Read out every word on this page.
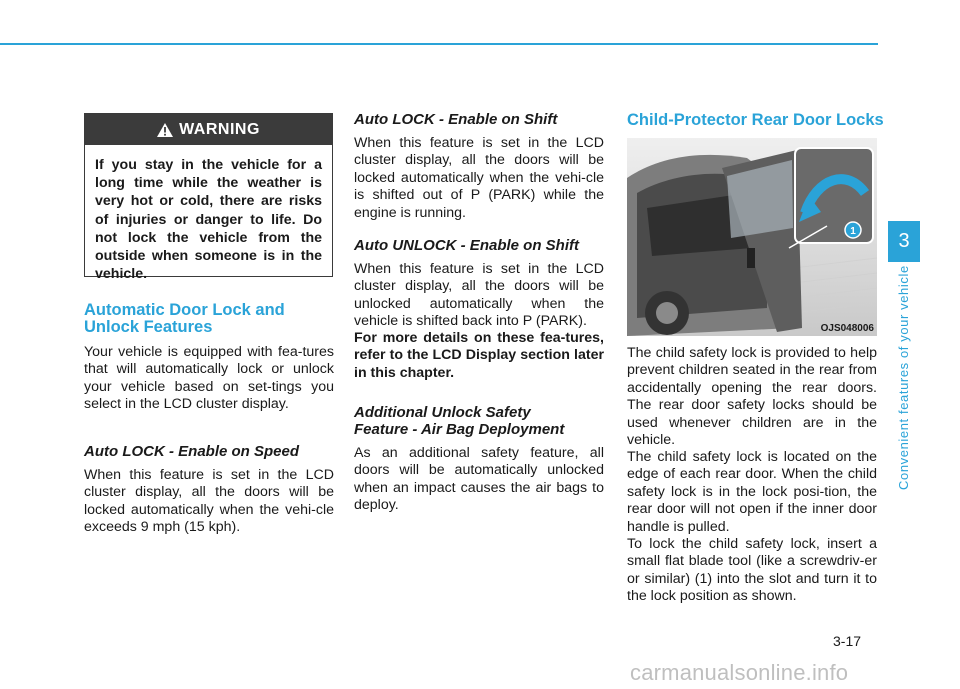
WARNING
If you stay in the vehicle for a long time while the weather is very hot or cold, there are risks of injuries or danger to life. Do not lock the vehicle from the outside when someone is in the vehicle.
Automatic Door Lock and Unlock Features

Your vehicle is equipped with fea-tures that will automatically lock or unlock your vehicle based on set-tings you select in the LCD cluster display.

Auto LOCK - Enable on Speed

When this feature is set in the LCD cluster display, all the doors will be locked automatically when the vehi-cle exceeds 9 mph (15 kph).

Auto LOCK - Enable on Shift

When this feature is set in the LCD cluster display, all the doors will be locked automatically when the vehi-cle is shifted out of P (PARK) while the engine is running.

Auto UNLOCK - Enable on Shift

When this feature is set in the LCD cluster display, all the doors will be unlocked automatically when the vehicle is shifted back into P (PARK).

For more details on these fea-tures, refer to the LCD Display section later in this chapter.

Additional Unlock Safety
Feature - Air Bag Deployment

As an additional safety feature, all doors will be automatically unlocked when an impact causes the air bags to deploy.

Child-Protector Rear Door Locks
1
OJS048006

The child safety lock is provided to help prevent children seated in the rear from accidentally opening the rear doors. The rear door safety locks should be used whenever children are in the vehicle.

The child safety lock is located on the edge of each rear door. When the child safety lock is in the lock posi-tion, the rear door will not open if the inner door handle is pulled.

To lock the child safety lock, insert a small flat blade tool (like a screwdriv-er or similar) (1) into the slot and turn it to the lock position as shown.

3
Convenient features of your vehicle
3-17
carmanualsonline.info
